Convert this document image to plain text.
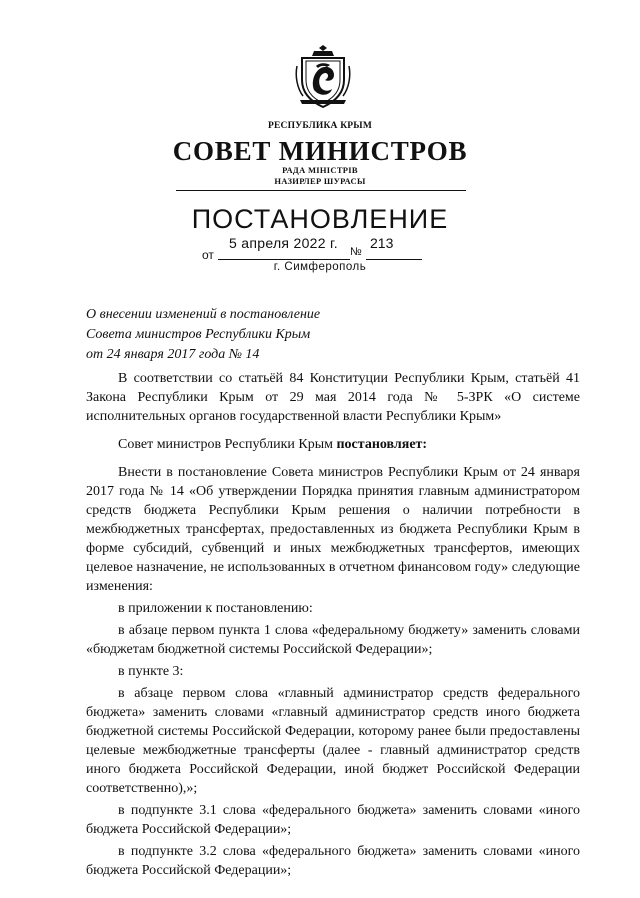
РЕСПУБЛИКА КРЫМ
СОВЕТ МИНИСТРОВ
РАДА МІНІСТРІВ
НАЗИРЛЕР ШУРАСЫ
ПОСТАНОВЛЕНИЕ
от
5 апреля 2022 г.
№
213
г. Симферополь
О внесении изменений в постановление
Совета министров Республики Крым
от 24 января 2017 года № 14

В соответствии со статьёй 84 Конституции Республики Крым, статьёй 41 Закона Республики Крым от 29 мая 2014 года № 5-ЗРК «О системе исполнительных органов государственной власти Республики Крым»

Совет министров Республики Крым постановляет:

Внести в постановление Совета министров Республики Крым от 24 января 2017 года № 14 «Об утверждении Порядка принятия главным администратором средств бюджета Республики Крым решения о наличии потребности в межбюджетных трансфертах, предоставленных из бюджета Республики Крым в форме субсидий, субвенций и иных межбюджетных трансфертов, имеющих целевое назначение, не использованных в отчетном финансовом году» следующие изменения:

в приложении к постановлению:

в абзаце первом пункта 1 слова «федеральному бюджету» заменить словами «бюджетам бюджетной системы Российской Федерации»;

в пункте 3:

в абзаце первом слова «главный администратор средств федерального бюджета» заменить словами «главный администратор средств иного бюджета бюджетной системы Российской Федерации, которому ранее были предоставлены целевые межбюджетные трансферты (далее - главный администратор средств иного бюджета Российской Федерации, иной бюджет Российской Федерации соответственно),»;

в подпункте 3.1 слова «федерального бюджета» заменить словами «иного бюджета Российской Федерации»;

в подпункте 3.2 слова «федерального бюджета» заменить словами «иного бюджета Российской Федерации»;
